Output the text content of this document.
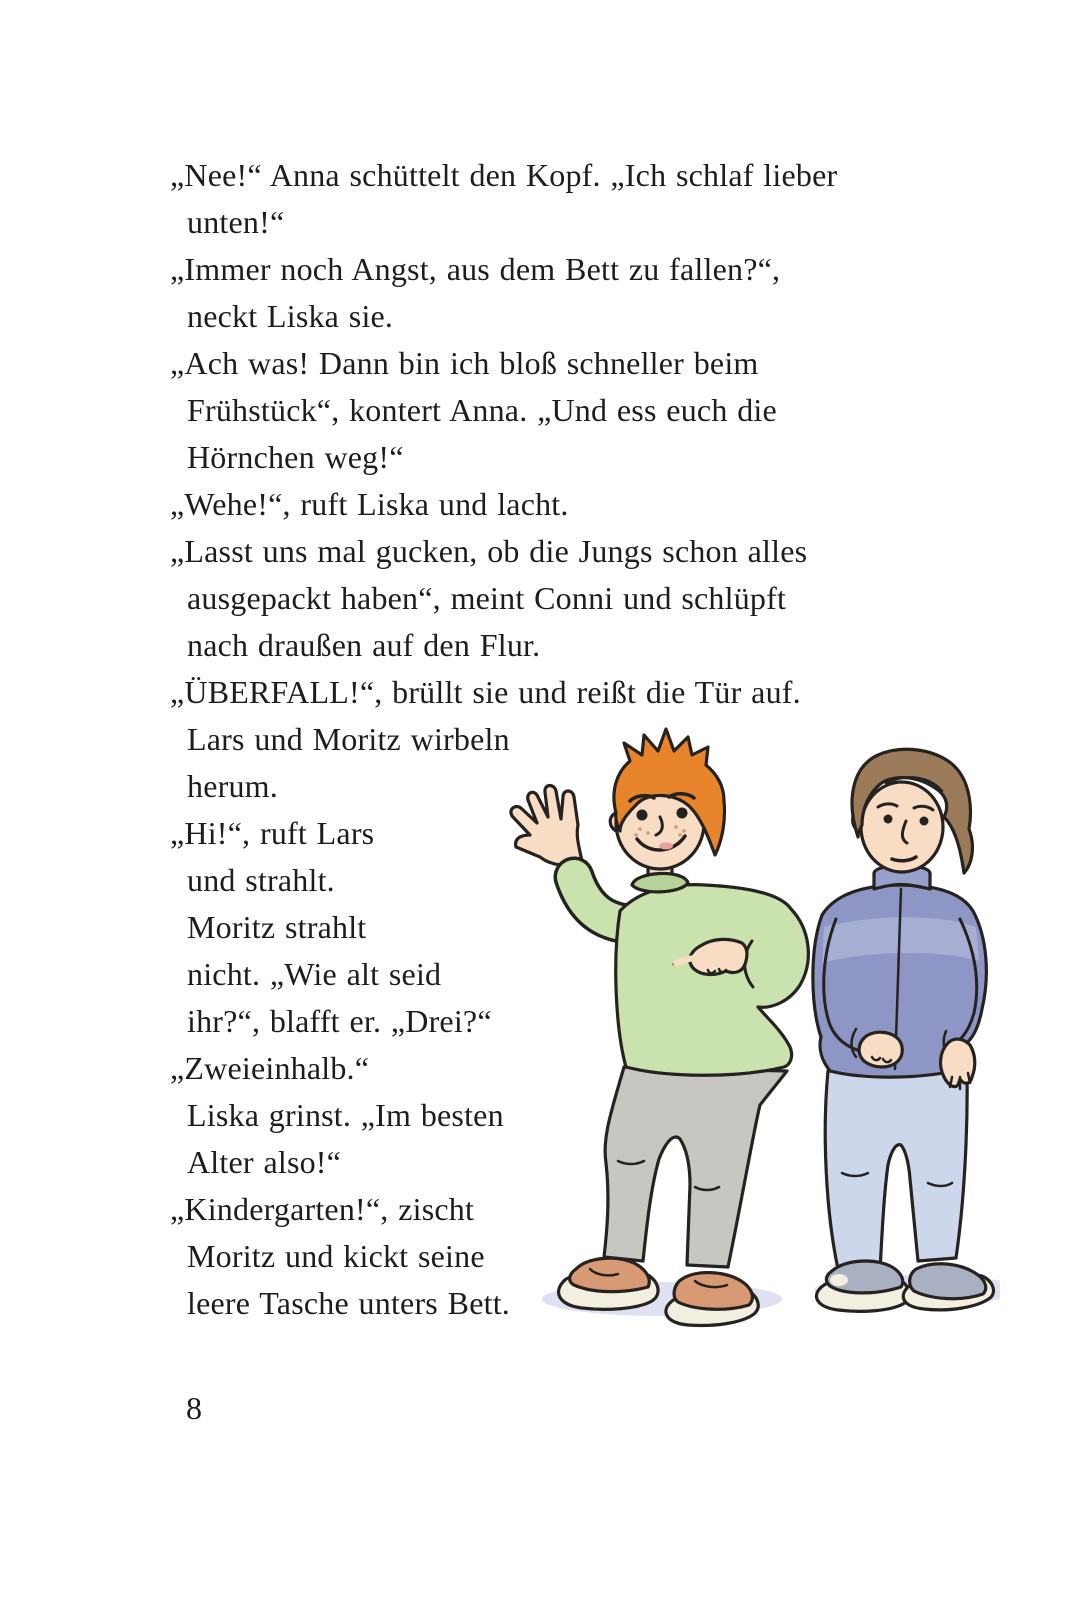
„Nee!“ Anna schüttelt den Kopf. „Ich schlaf lieber
unten!“
„Immer noch Angst, aus dem Bett zu fallen?“,
neckt Liska sie.
„Ach was! Dann bin ich bloß schneller beim
Frühstück“, kontert Anna. „Und ess euch die
Hörnchen weg!“
„Wehe!“, ruft Liska und lacht.
„Lasst uns mal gucken, ob die Jungs schon alles
ausgepackt haben“, meint Conni und schlüpft
nach draußen auf den Flur.
„ÜBERFALL!“, brüllt sie und reißt die Tür auf.
Lars und Moritz wirbeln
herum.
„Hi!“, ruft Lars
und strahlt.
Moritz strahlt
nicht. „Wie alt seid
ihr?“, blafft er. „Drei?“
„Zweieinhalb.“
Liska grinst. „Im besten
Alter also!“
„Kindergarten!“, zischt
Moritz und kickt seine
leere Tasche unters Bett.
8
